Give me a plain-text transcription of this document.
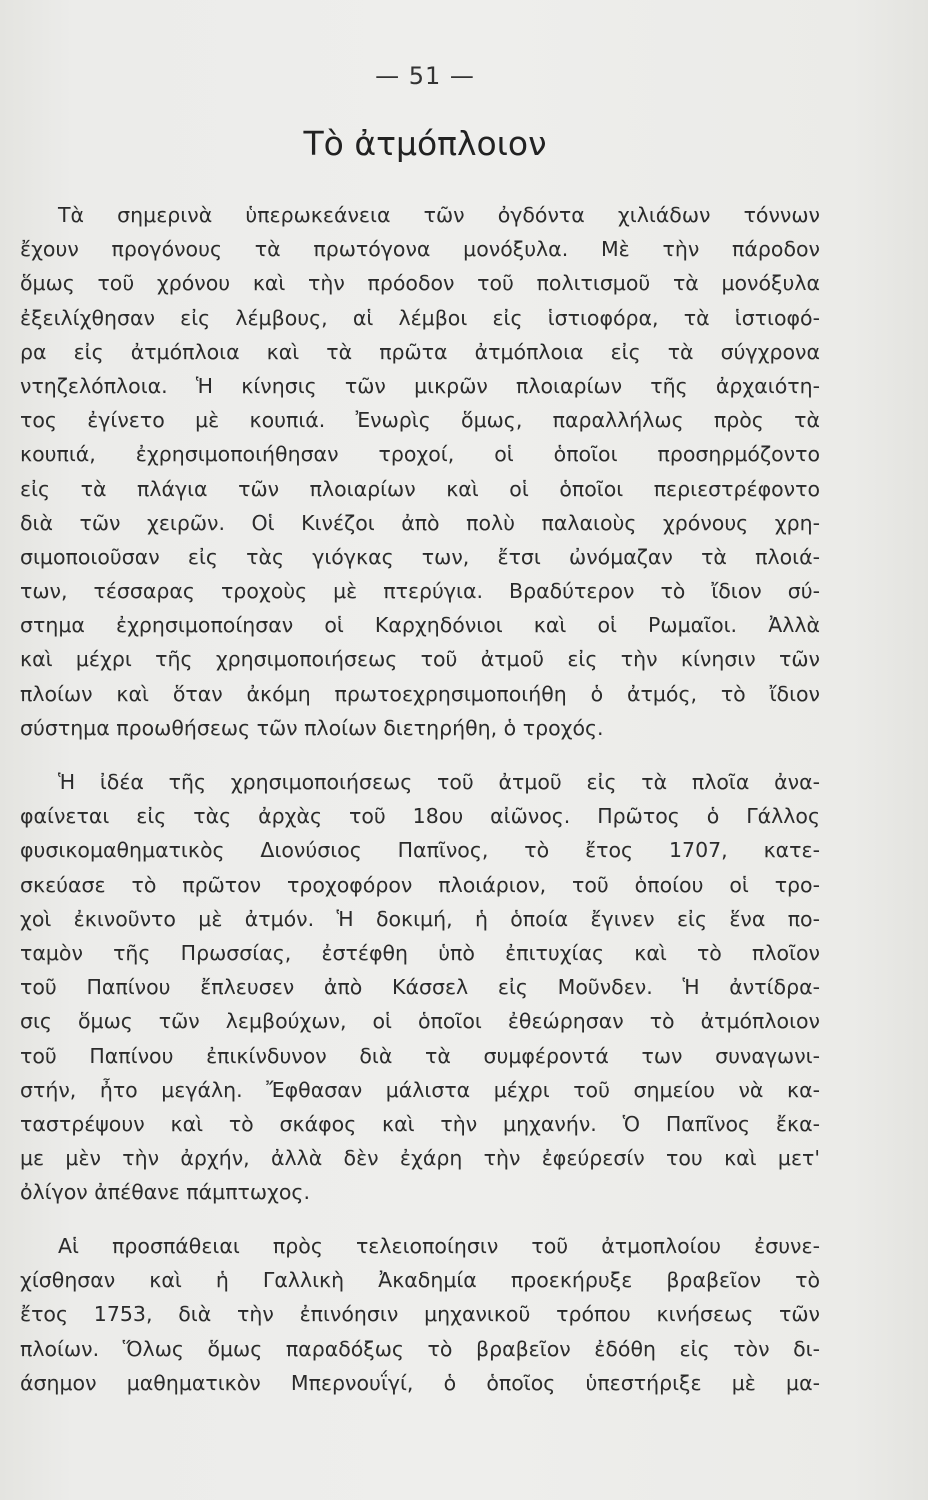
— 51 —
Τὸ ἀτμόπλοιον
Τὰ σημερινὰ ὑπερωκεάνεια τῶν ὀγδόντα χιλιάδων τόννων
ἔχουν προγόνους τὰ πρωτόγονα μονόξυλα. Μὲ τὴν πάροδον
ὅμως τοῦ χρόνου καὶ τὴν πρόοδον τοῦ πολιτισμοῦ τὰ μονόξυλα
ἐξειλίχθησαν εἰς λέμβους, αἱ λέμβοι εἰς ἱστιοφόρα, τὰ ἱστιοφό-
ρα εἰς ἀτμόπλοια καὶ τὰ πρῶτα ἀτμόπλοια εἰς τὰ σύγχρονα
ντηζελόπλοια. Ἡ κίνησις τῶν μικρῶν πλοιαρίων τῆς ἀρχαιότη-
τος ἐγίνετο μὲ κουπιά. Ἐνωρὶς ὅμως, παραλλήλως πρὸς τὰ
κουπιά, ἐχρησιμοποιήθησαν τροχοί, οἱ ὁποῖοι προσηρμόζοντο
εἰς τὰ πλάγια τῶν πλοιαρίων καὶ οἱ ὁποῖοι περιεστρέφοντο
διὰ τῶν χειρῶν. Οἱ Κινέζοι ἀπὸ πολὺ παλαιοὺς χρόνους χρη-
σιμοποιοῦσαν εἰς τὰς γιόγκας των, ἔτσι ὠνόμαζαν τὰ πλοιά-
των, τέσσαρας τροχοὺς μὲ πτερύγια. Βραδύτερον τὸ ἴδιον σύ-
στημα ἐχρησιμοποίησαν οἱ Καρχηδόνιοι καὶ οἱ Ρωμαῖοι. Ἀλλὰ
καὶ μέχρι τῆς χρησιμοποιήσεως τοῦ ἀτμοῦ εἰς τὴν κίνησιν τῶν
πλοίων καὶ ὅταν ἀκόμη πρωτοεχρησιμοποιήθη ὁ ἀτμός, τὸ ἴδιον
σύστημα προωθήσεως τῶν πλοίων διετηρήθη, ὁ τροχός.
Ἡ ἰδέα τῆς χρησιμοποιήσεως τοῦ ἀτμοῦ εἰς τὰ πλοῖα ἀνα-
φαίνεται εἰς τὰς ἀρχὰς τοῦ 18ου αἰῶνος. Πρῶτος ὁ Γάλλος
φυσικομαθηματικὸς Διονύσιος Παπῖνος, τὸ ἔτος 1707, κατε-
σκεύασε τὸ πρῶτον τροχοφόρον πλοιάριον, τοῦ ὁποίου οἱ τρο-
χοὶ ἐκινοῦντο μὲ ἀτμόν. Ἡ δοκιμή, ἡ ὁποία ἔγινεν εἰς ἕνα πο-
ταμὸν τῆς Πρωσσίας, ἐστέφθη ὑπὸ ἐπιτυχίας καὶ τὸ πλοῖον
τοῦ Παπίνου ἔπλευσεν ἀπὸ Κάσσελ εἰς Μοῦνδεν. Ἡ ἀντίδρα-
σις ὅμως τῶν λεμβούχων, οἱ ὁποῖοι ἐθεώρησαν τὸ ἀτμόπλοιον
τοῦ Παπίνου ἐπικίνδυνον διὰ τὰ συμφέροντά των συναγωνι-
στήν, ἦτο μεγάλη. Ἔφθασαν μάλιστα μέχρι τοῦ σημείου νὰ κα-
ταστρέψουν καὶ τὸ σκάφος καὶ τὴν μηχανήν. Ὁ Παπῖνος ἔκα-
με μὲν τὴν ἀρχήν, ἀλλὰ δὲν ἐχάρη τὴν ἐφεύρεσίν του καὶ μετ'
ὀλίγον ἀπέθανε πάμπτωχος.
Αἱ προσπάθειαι πρὸς τελειοποίησιν τοῦ ἀτμοπλοίου ἐσυνε-
χίσθησαν καὶ ἡ Γαλλικὴ Ἀκαδημία προεκήρυξε βραβεῖον τὸ
ἔτος 1753, διὰ τὴν ἐπινόησιν μηχανικοῦ τρόπου κινήσεως τῶν
πλοίων. Ὅλως ὅμως παραδόξως τὸ βραβεῖον ἐδόθη εἰς τὸν δι-
άσημον μαθηματικὸν Μπερνουΐγί, ὁ ὁποῖος ὑπεστήριξε μὲ μα-
